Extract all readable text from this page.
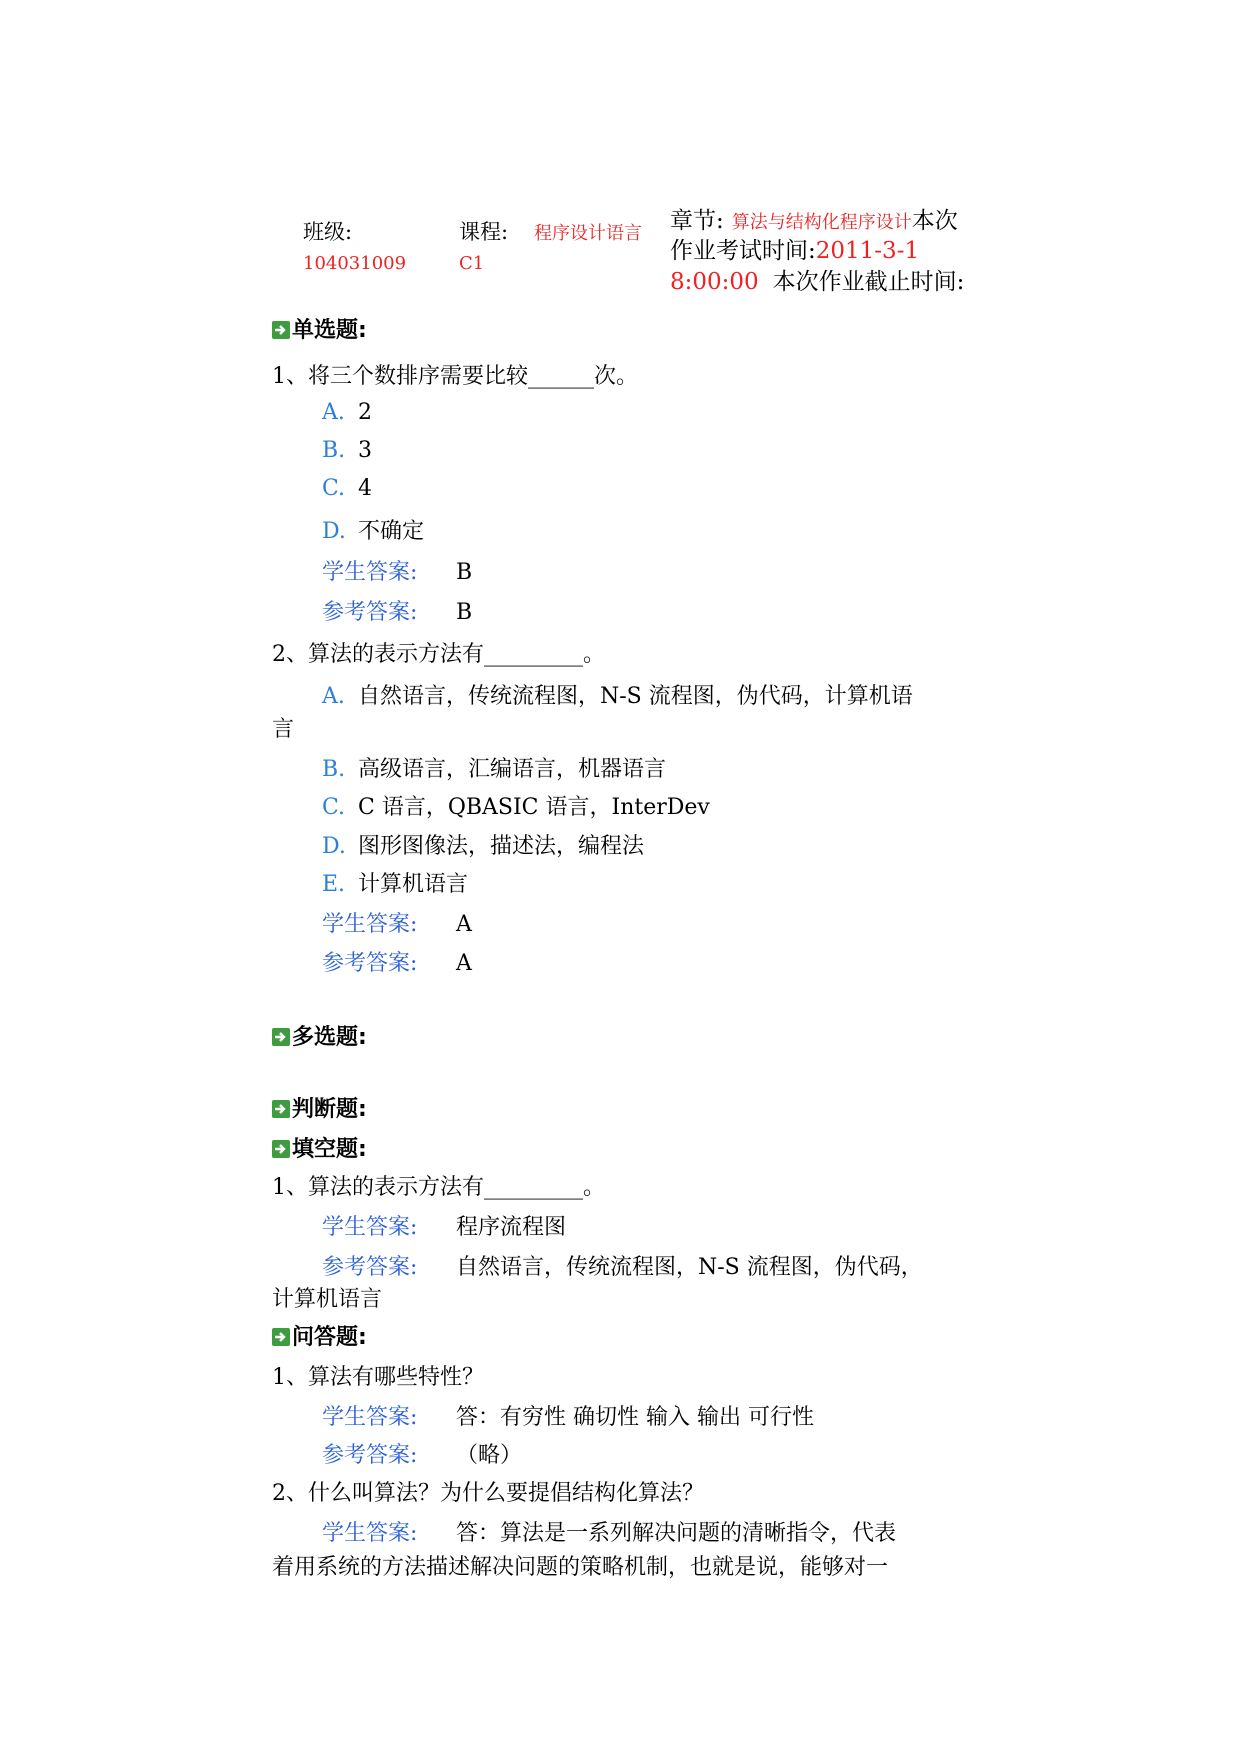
班级:
104031009
课程: 程序设计语言
C1
章节: 算法与结构化程序设计本次
作业考试时间:2011-3-1
8:00:00 本次作业截止时间:
单选题:
1、将三个数排序需要比较______次。
A. 2
B. 3
C. 4
D. 不确定
学生答案: B
参考答案: B
2、算法的表示方法有_________。
A. 自然语言，传统流程图，N-S 流程图，伪代码，计算机语
言
B. 高级语言，汇编语言，机器语言
C. C 语言，QBASIC 语言，InterDev
D. 图形图像法，描述法，编程法
E. 计算机语言
学生答案: A
参考答案: A
多选题:
判断题:
填空题:
1、算法的表示方法有_________。
学生答案: 程序流程图
参考答案: 自然语言，传统流程图，N-S 流程图，伪代码，
计算机语言
问答题:
1、算法有哪些特性？
学生答案: 答：有穷性 确切性 输入 输出 可行性
参考答案: （略）
2、什么叫算法？为什么要提倡结构化算法？
学生答案: 答：算法是一系列解决问题的清晰指令，代表
着用系统的方法描述解决问题的策略机制，也就是说，能够对一
